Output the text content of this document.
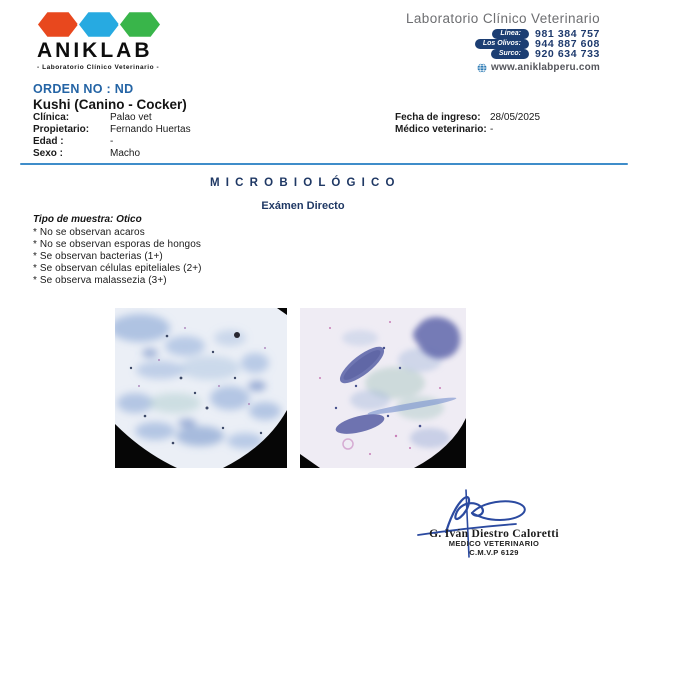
ANIKLAB
- Laboratorio Clínico Veterinario -
Laboratorio Clínico Veterinario
Línea:	981 384 757
Los Olivos:	944 887 608
Surco:	920 634 733
www.aniklabperu.com
ORDEN NO : ND
Kushi (Canino - Cocker)
Clínica:	Palao vet
Propietario: Fernando Huertas
Edad :	-
Sexo :	Macho
Fecha de ingreso: 28/05/2025
Médico veterinario: -
M I C R O B I O L Ó G I C O
Exámen Directo
Tipo de muestra: Otico
* No se observan acaros
* No se observan esporas de hongos
* Se observan bacterias (1+)
* Se observan células epiteliales (2+)
* Se observa malassezia (3+)
G. Iván Diestro Caloretti
MEDICO VETERINARIO
C.M.V.P 6129
